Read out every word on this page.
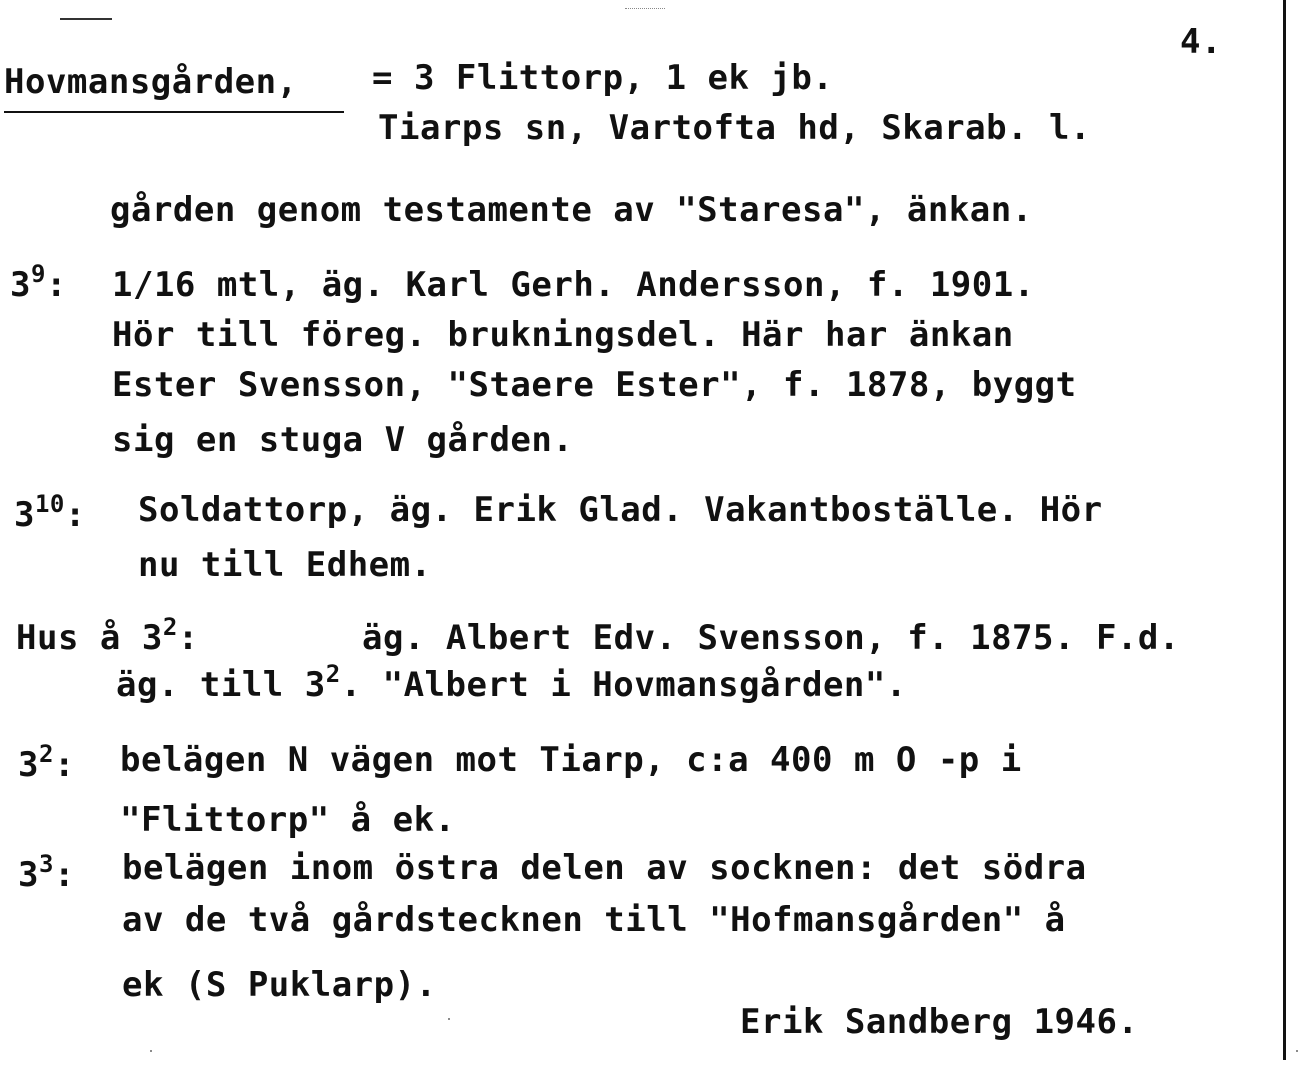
4.
Hovmansgården, = 3 Flittorp, 1 ek jb.
Tiarps sn, Vartofta hd, Skarab. l.
gården genom testamente av "Staresa", änkan.
$3^9$: 1/16 mtl, äg. Karl Gerh. Andersson, f. 1901.
Hör till föreg. brukningsdel. Här har änkan
Ester Svensson, "Staere Ester", f. 1878, byggt
sig en stuga V gården.
$3^{10}$: Soldattorp, äg. Erik Glad. Vakantboställe. Hör
nu till Edhem.
Hus å $3^2$:	äg. Albert Edv. Svensson, f. 1875. F.d.
äg. till $3^2$. "Albert i Hovmansgården".
$3^2$: belägen N vägen mot Tiarp, c:a 400 m O -p i
"Flittorp" å ek.
$3^3$: belägen inom östra delen av socknen: det södra
av de två gårdstecknen till "Hofmansgården" å
ek (S Puklarp).
Erik Sandberg 1946.
